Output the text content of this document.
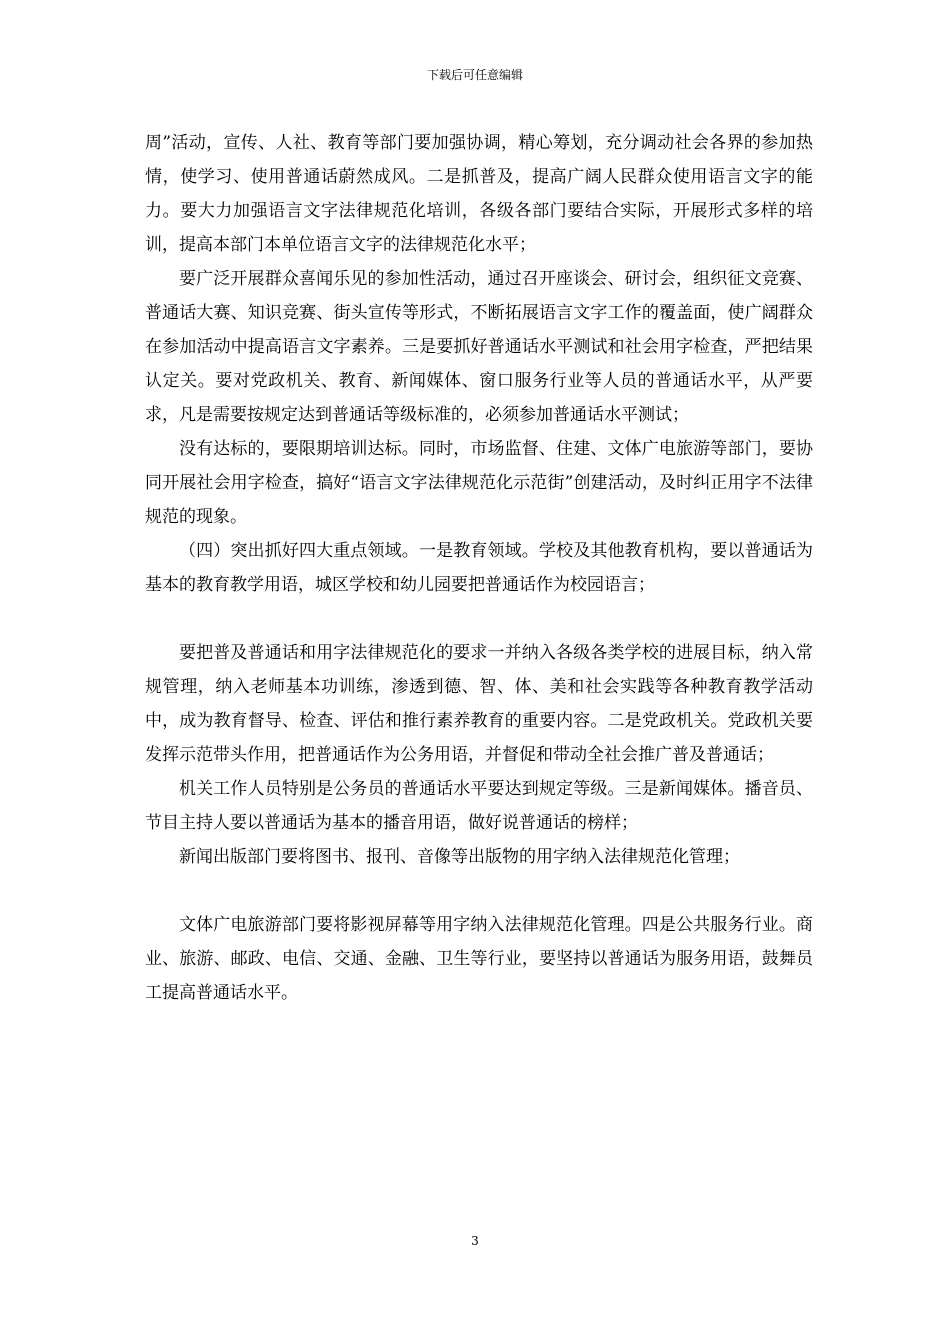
下载后可任意编辑

周”活动，宣传、人社、教育等部门要加强协调，精心筹划，充分调动社会各界的参加热情，使学习、使用普通话蔚然成风。二是抓普及，提高广阔人民群众使用语言文字的能力。要大力加强语言文字法律规范化培训，各级各部门要结合实际，开展形式多样的培训，提高本部门本单位语言文字的法律规范化水平；

要广泛开展群众喜闻乐见的参加性活动，通过召开座谈会、研讨会，组织征文竞赛、普通话大赛、知识竞赛、街头宣传等形式，不断拓展语言文字工作的覆盖面，使广阔群众在参加活动中提高语言文字素养。三是要抓好普通话水平测试和社会用字检查，严把结果认定关。要对党政机关、教育、新闻媒体、窗口服务行业等人员的普通话水平，从严要求，凡是需要按规定达到普通话等级标准的，必须参加普通话水平测试；

没有达标的，要限期培训达标。同时，市场监督、住建、文体广电旅游等部门，要协同开展社会用字检查，搞好“语言文字法律规范化示范街”创建活动，及时纠正用字不法律规范的现象。

（四）突出抓好四大重点领域。一是教育领域。学校及其他教育机构，要以普通话为基本的教育教学用语，城区学校和幼儿园要把普通话作为校园语言；

要把普及普通话和用字法律规范化的要求一并纳入各级各类学校的进展目标，纳入常规管理，纳入老师基本功训练，渗透到德、智、体、美和社会实践等各种教育教学活动中，成为教育督导、检查、评估和推行素养教育的重要内容。二是党政机关。党政机关要发挥示范带头作用，把普通话作为公务用语，并督促和带动全社会推广普及普通话；

机关工作人员特别是公务员的普通话水平要达到规定等级。三是新闻媒体。播音员、节目主持人要以普通话为基本的播音用语，做好说普通话的榜样；

新闻出版部门要将图书、报刊、音像等出版物的用字纳入法律规范化管理；

文体广电旅游部门要将影视屏幕等用字纳入法律规范化管理。四是公共服务行业。商业、旅游、邮政、电信、交通、金融、卫生等行业，要坚持以普通话为服务用语，鼓舞员工提高普通话水平。

3
